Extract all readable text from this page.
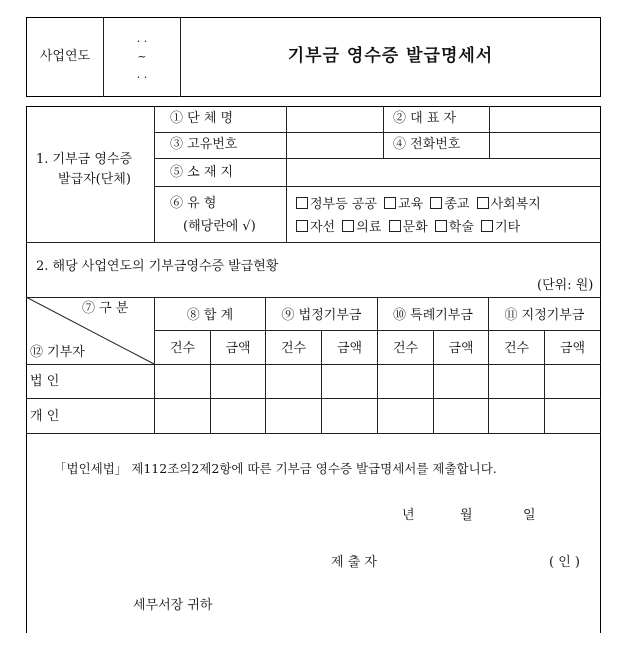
사업연도
. .
~
. .
기부금 영수증 발급명세서
1. 기부금 영수증
발급자(단체)
① 단 체 명	② 대 표 자
③ 고유번호	④ 전화번호
⑤ 소 재 지
⑥ 유 형
(해당란에 √)
정부등 공공 교육 종교 사회복지
자선 의료 문화 학술 기타
2. 해당 사업연도의 기부금영수증 발급현황
(단위: 원)
⑦ 구 분
⑫ 기부자
⑧ 합 계	⑨ 법정기부금	⑩ 특례기부금	⑪ 지정기부금
건수	금액	건수	금액	건수	금액	건수	금액
법 인
개 인
「법인세법」 제112조의2제2항에 따른 기부금 영수증 발급명세서를 제출합니다.
년	월	일
제 출 자	( 인 )
세무서장 귀하
